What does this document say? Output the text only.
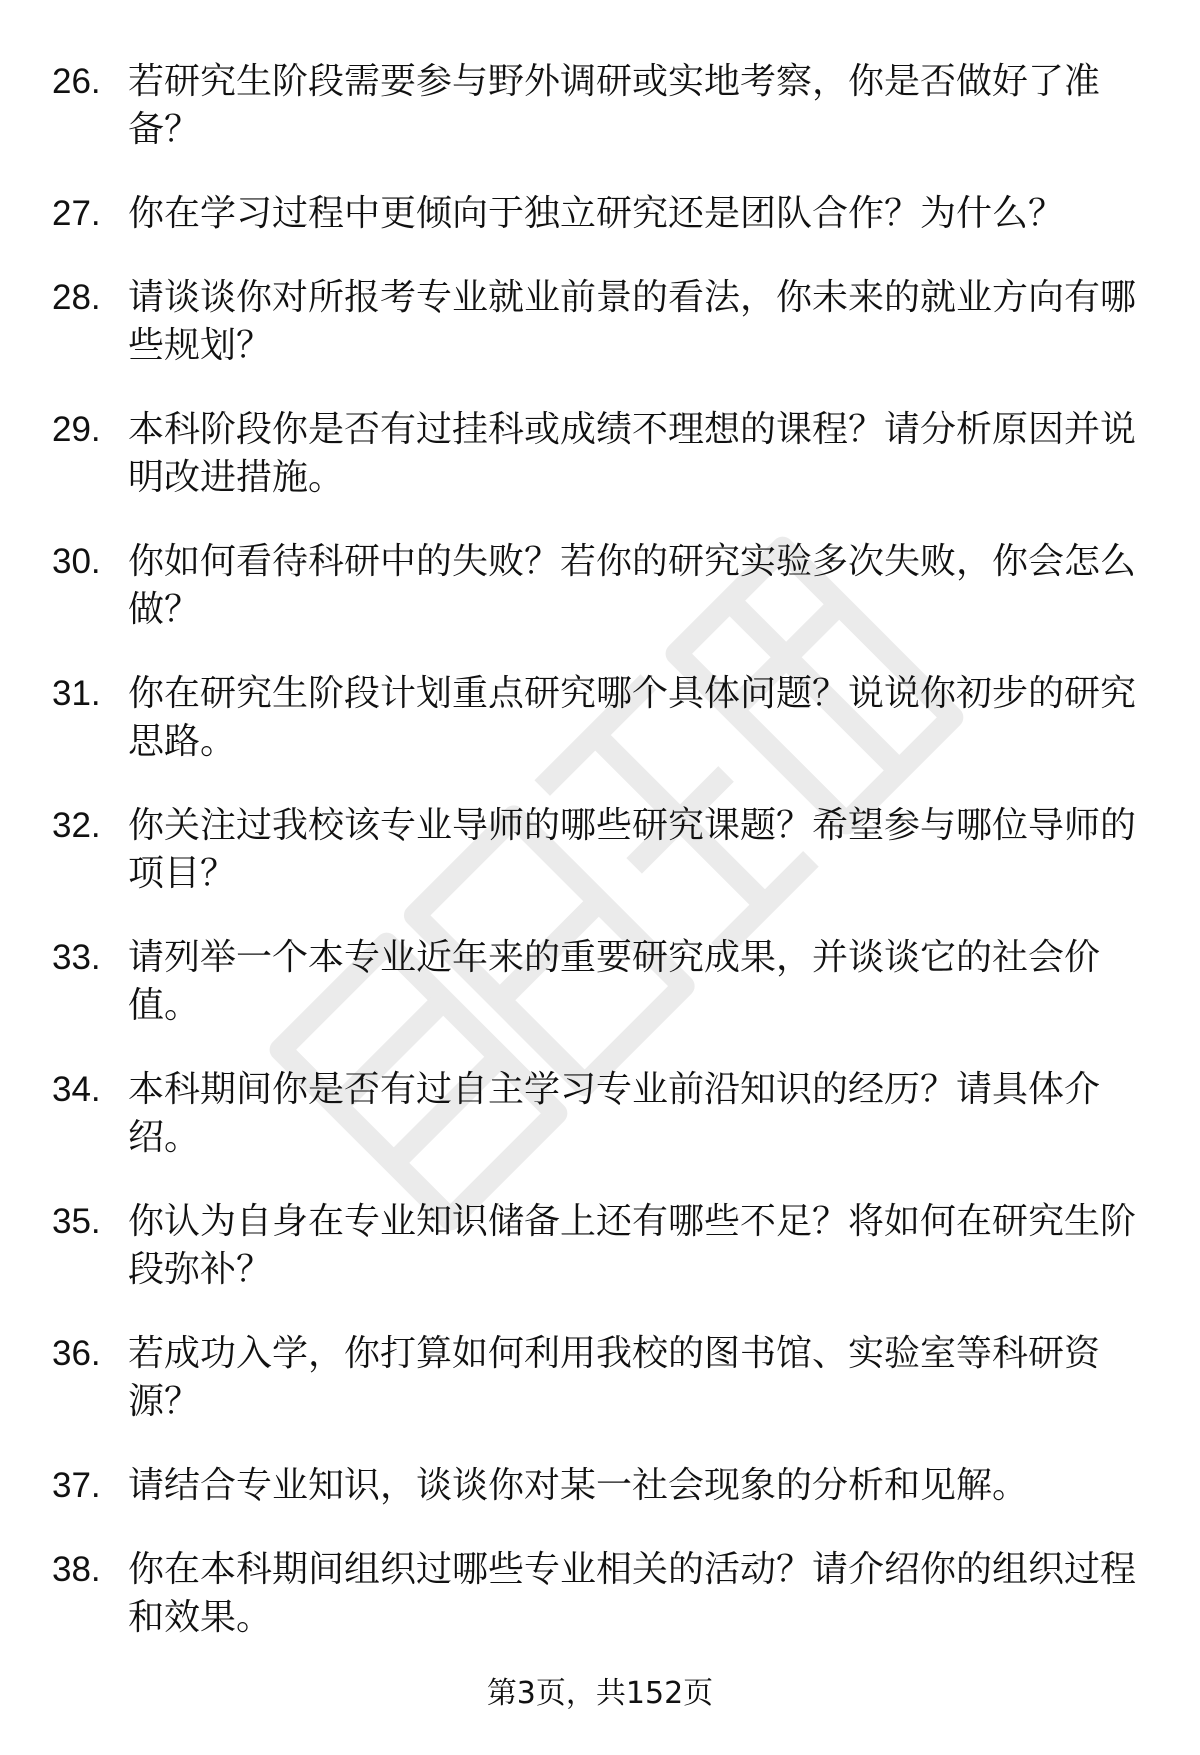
26. 若研究生阶段需要参与野外调研或实地考察，你是否做好了准备？
27. 你在学习过程中更倾向于独立研究还是团队合作？为什么？
28. 请谈谈你对所报考专业就业前景的看法，你未来的就业方向有哪些规划？
29. 本科阶段你是否有过挂科或成绩不理想的课程？请分析原因并说明改进措施。
30. 你如何看待科研中的失败？若你的研究实验多次失败，你会怎么做？
31. 你在研究生阶段计划重点研究哪个具体问题？说说你初步的研究思路。
32. 你关注过我校该专业导师的哪些研究课题？希望参与哪位导师的项目？
33. 请列举一个本专业近年来的重要研究成果，并谈谈它的社会价值。
34. 本科期间你是否有过自主学习专业前沿知识的经历？请具体介绍。
35. 你认为自身在专业知识储备上还有哪些不足？将如何在研究生阶段弥补？
36. 若成功入学，你打算如何利用我校的图书馆、实验室等科研资源？
37. 请结合专业知识，谈谈你对某一社会现象的分析和见解。
38. 你在本科期间组织过哪些专业相关的活动？请介绍你的组织过程和效果。
第3页，共152页
